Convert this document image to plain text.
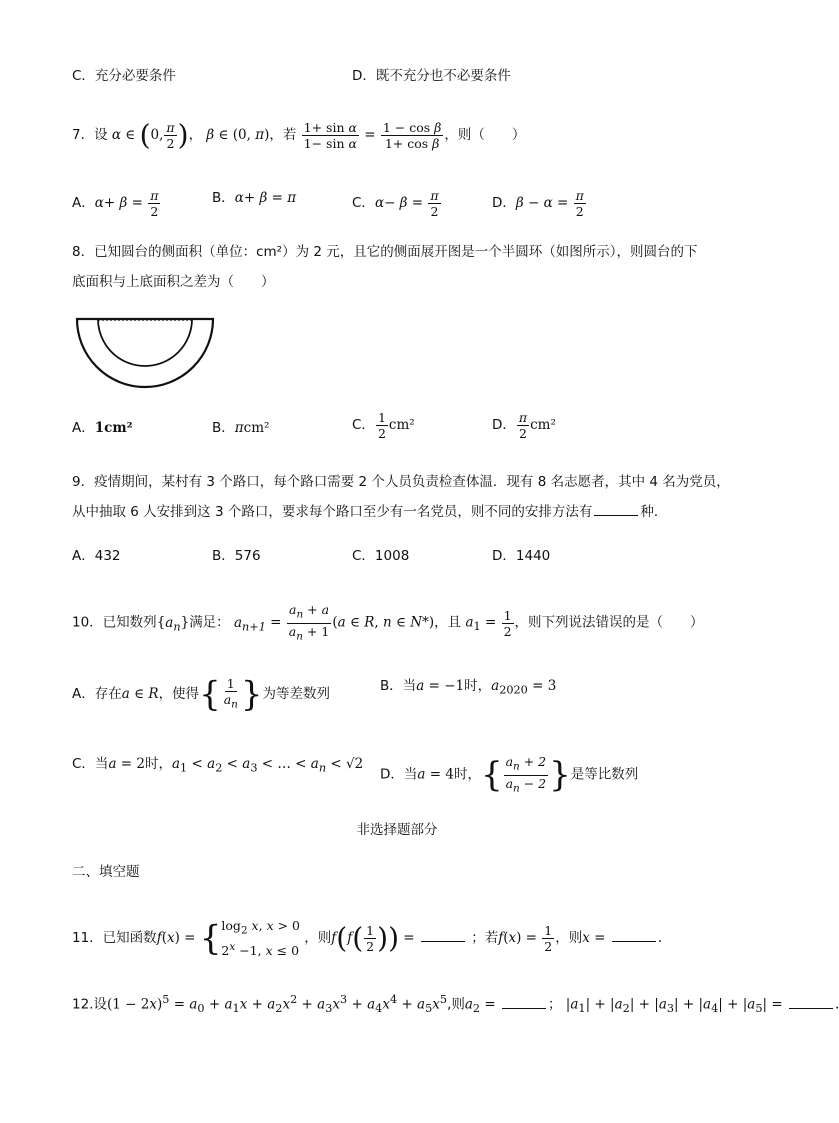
C．充分必要条件	D．既不充分也不必要条件
7．设 α ∈ (0, $\frac{\pi}{2}$ )， β ∈ (0, π)，若 $\frac{\text{1+ sin α}}{\text{1− sin α}} = \frac{\text{1 − cos β}}{\text{1+ cos β}}$ ，则（　　）
A．$\alpha+ \beta = \frac{\pi}{2}$	B．α+ β = π	C．$\alpha- \beta = \frac{\pi}{2}$	D．$\beta - \alpha = \frac{\pi}{2}$
8．已知圆台的侧面积（单位：cm²）为 2 元，且它的侧面展开图是一个半圆环（如图所示），则圆台的下
底面积与上底面积之差为（　　）
A．1cm²	B．πcm²	C． $\frac{1}{2} cm^2$	D． $\frac{\pi}{2} cm^2$
9．疫情期间，某村有 3 个路口，每个路口需要 2 个人员负责检查体温．现有 8 名志愿者，其中 4 名为党员，
从中抽取 6 人安排到这 3 个路口，要求每个路口至少有一名党员，则不同的安排方法有	种．
A．432	B．576	C．1008	D．1440
10．已知数列$\{a_n\}$满足： $a_{n+1} = \frac{a_n + a}{a_n + 1} (a$ ∈ R, n ∈ N*)，且 $a_1 = \frac{1}{2}$ ，则下列说法错误的是（　　）
A．存在a ∈ R，使得{ $\frac{1}{a_n}$ }为等差数列	B．当a = −1时，$a_{2020} = 3$
C．当a = 2时，$a_1 < a_2 < a_3$ < … < $a_n < √2$
D．当a = 4时，{ $\frac{a_n + 2}{a_n - 2}$ }是等比数列
非选择题部分
二、填空题
11．已知函数f(x) = { $\log_2 x$, x > 0
$2^x -1$, x ≤ 0
，则$f(f( \frac{1}{2}$ )) =	；若$f(x) = \frac{1}{2}$ ，则x =	.
12.设$(1 - 2x)^5 = a_0 + a_1x + a_2x^2 + a_3x^3 + a_4x^4 + a_5x^5$,则$a_2$ =	； $|a_1| + |a_2| + |a_3| + |a_4| + |a_5|$ =	.
